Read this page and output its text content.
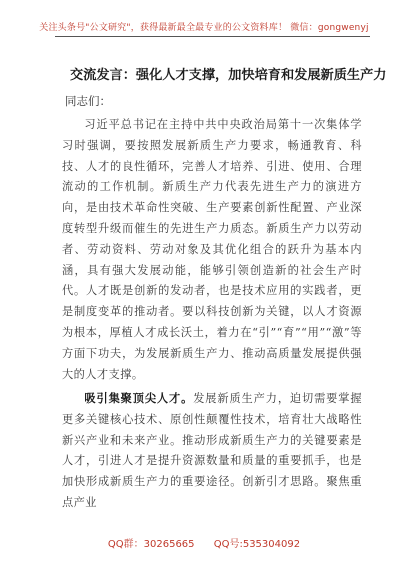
关注头条号"公文研究"，获得最新最全最专业的公文资料库！ 微信：gongwenyj
交流发言：强化人才支撑，加快培育和发展新质生产力
同志们：
习近平总书记在主持中共中央政治局第十一次集体学习时强调，要按照发展新质生产力要求，畅通教育、科技、人才的良性循环，完善人才培养、引进、使用、合理流动的工作机制。新质生产力代表先进生产力的演进方向，是由技术革命性突破、生产要素创新性配置、产业深度转型升级而催生的先进生产力质态。新质生产力以劳动者、劳动资料、劳动对象及其优化组合的跃升为基本内涵，具有强大发展动能，能够引领创造新的社会生产时代。人才既是创新的发动者，也是技术应用的实践者，更是制度变革的推动者。要以科技创新为关键，以人才资源为根本，厚植人才成长沃土，着力在“引”“育”“用”“激”等方面下功夫，为发展新质生产力、推动高质量发展提供强大的人才支撑。
吸引集聚顶尖人才。发展新质生产力，迫切需要掌握更多关键核心技术、原创性颠覆性技术，培育壮大战略性新兴产业和未来产业。推动形成新质生产力的关键要素是人才，引进人才是提升资源数量和质量的重要抓手，也是加快形成新质生产力的重要途径。创新引才思路。聚焦重点产业
QQ群：30265665 QQ号:535304092
